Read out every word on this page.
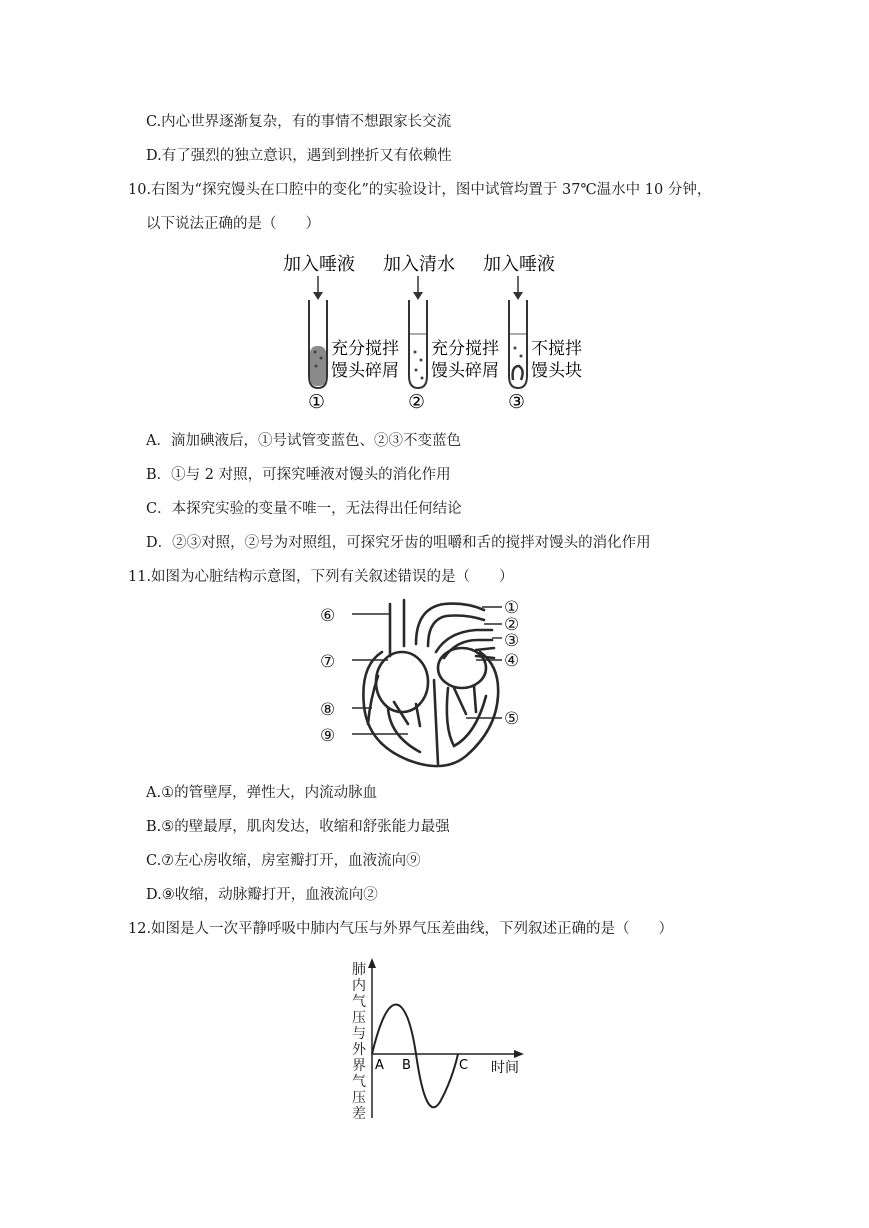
C.内心世界逐渐复杂，有的事情不想跟家长交流
D.有了强烈的独立意识，遇到到挫折又有依赖性
10.右图为“探究馒头在口腔中的变化”的实验设计，图中试管均置于 37℃温水中 10 分钟，
以下说法正确的是（　　）
加入唾液
充分搅拌
馒头碎屑
①
加入清水
充分搅拌
馒头碎屑
②
加入唾液
不搅拌
馒头块
③
A．滴加碘液后，①号试管变蓝色、②③不变蓝色
B．①与 2 对照，可探究唾液对馒头的消化作用
C．本探究实验的变量不唯一，无法得出任何结论
D．②③对照，②号为对照组，可探究牙齿的咀嚼和舌的搅拌对馒头的消化作用
11.如图为心脏结构示意图，下列有关叙述错误的是（　　）
⑥
⑦
⑧
⑨
①
②
③
④
⑤
A.①的管壁厚，弹性大，内流动脉血
B.⑤的壁最厚，肌肉发达，收缩和舒张能力最强
C.⑦左心房收缩，房室瓣打开，血液流向⑨
D.⑨收缩，动脉瓣打开，血液流向②
12.如图是人一次平静呼吸中肺内气压与外界气压差曲线，下列叙述正确的是（　　）
肺
内
气
压
与
外
界
气
压
差
A B	C 时间
